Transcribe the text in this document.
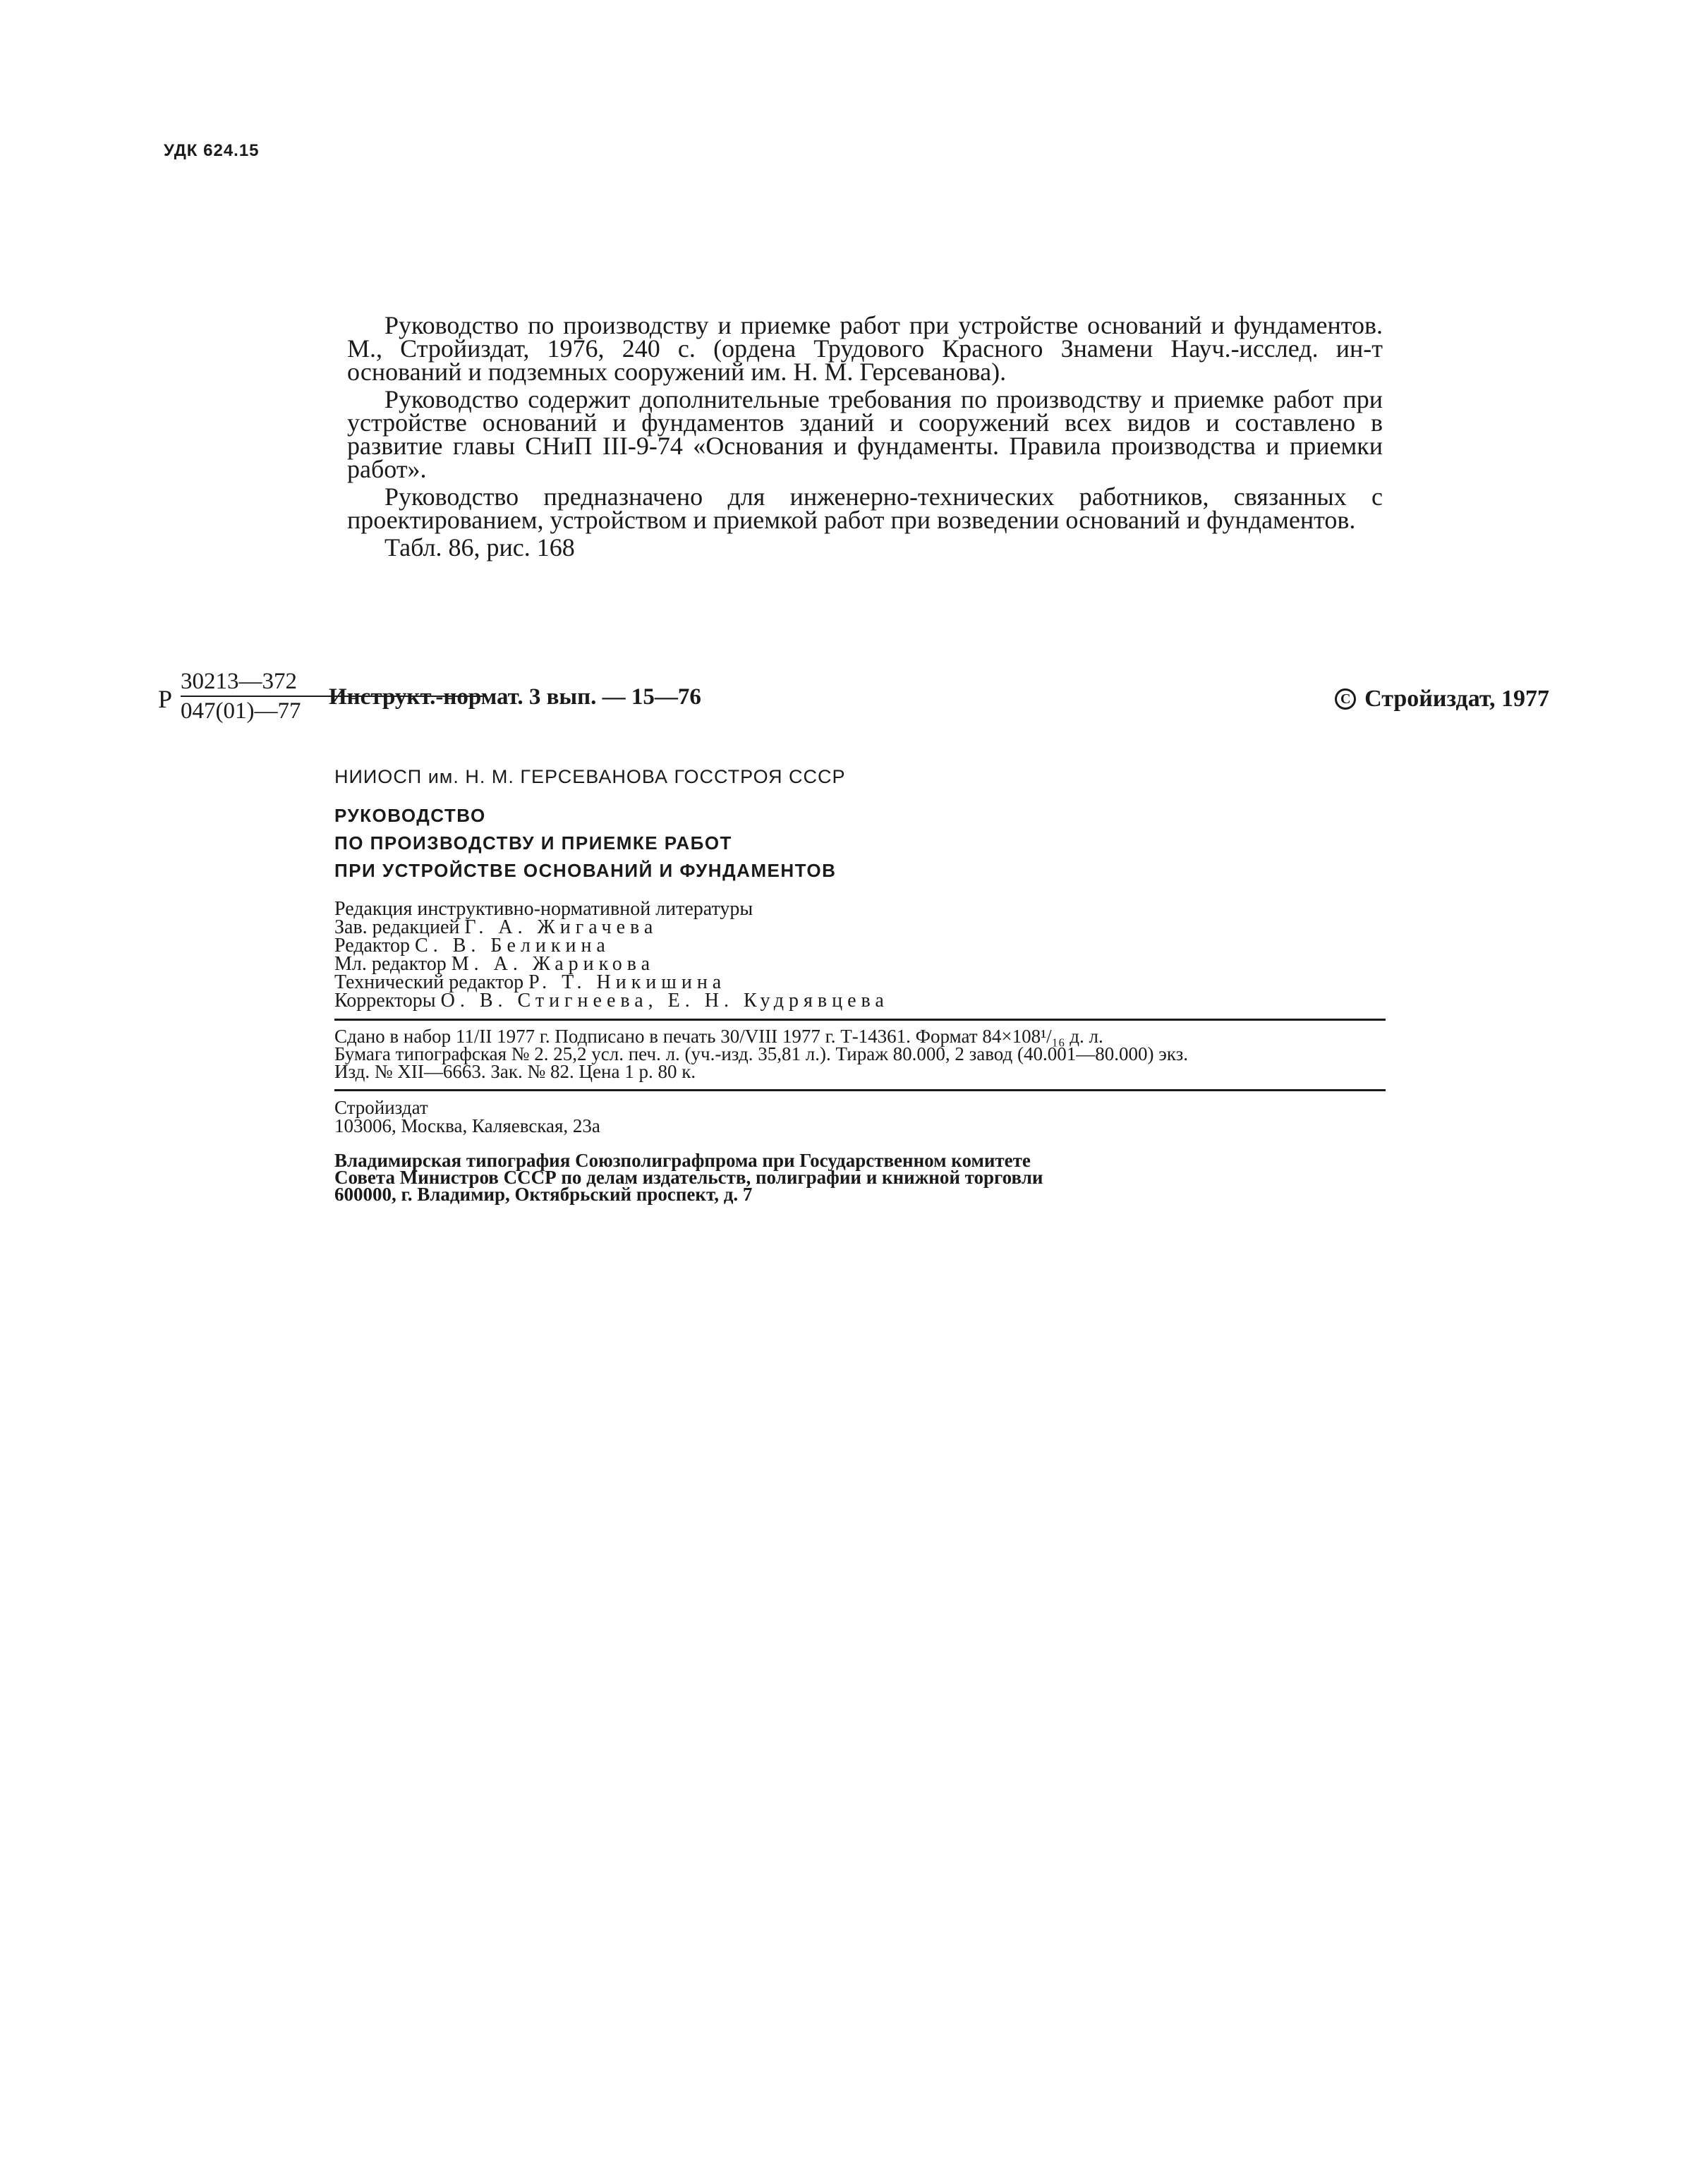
УДК 624.15

Руководство по производству и приемке работ при устройстве оснований и фундаментов. М., Стройиздат, 1976, 240 с. (ордена Трудового Красного Знамени Науч.-исслед. ин-т оснований и подземных сооружений им. Н. М. Герсеванова).

Руководство содержит дополнительные требования по производству и приемке работ при устройстве оснований и фундаментов зданий и сооружений всех видов и составлено в развитие главы СНиП III-9-74 «Основания и фундаменты. Правила производства и приемки работ».

Руководство предназначено для инженерно-технических работников, связанных с проектированием, устройством и приемкой работ при возведении оснований и фундаментов.

Табл. 86, рис. 168

Р
30213—372
047(01)—77
Инструкт.-нормат. 3 вып. — 15—76	C Стройиздат, 1977
НИИОСП им. Н. М. ГЕРСЕВАНОВА ГОССТРОЯ СССР
РУКОВОДСТВО
ПО ПРОИЗВОДСТВУ И ПРИЕМКЕ РАБОТ
ПРИ УСТРОЙСТВЕ ОСНОВАНИЙ И ФУНДАМЕНТОВ
Редакция инструктивно-нормативной литературы
Зав. редакцией Г. А. Жигачева
Редактор С. В. Беликина
Мл. редактор М. А. Жарикова
Технический редактор Р. Т. Никишина
Корректоры О. В. Стигнеева, Е. Н. Кудрявцева
Сдано в набор 11/II 1977 г. Подписано в печать 30/VIII 1977 г. Т-14361. Формат 84×108¹/₁₆ д. л.
Бумага типографская № 2. 25,2 усл. печ. л. (уч.-изд. 35,81 л.). Тираж 80.000, 2 завод (40.001—80.000) экз.
Изд. № XII—6663. Зак. № 82. Цена 1 р. 80 к.
Стройиздат
103006, Москва, Каляевская, 23а
Владимирская типография Союзполиграфпрома при Государственном комитете
Совета Министров СССР по делам издательств, полиграфии и книжной торговли
600000, г. Владимир, Октябрьский проспект, д. 7
